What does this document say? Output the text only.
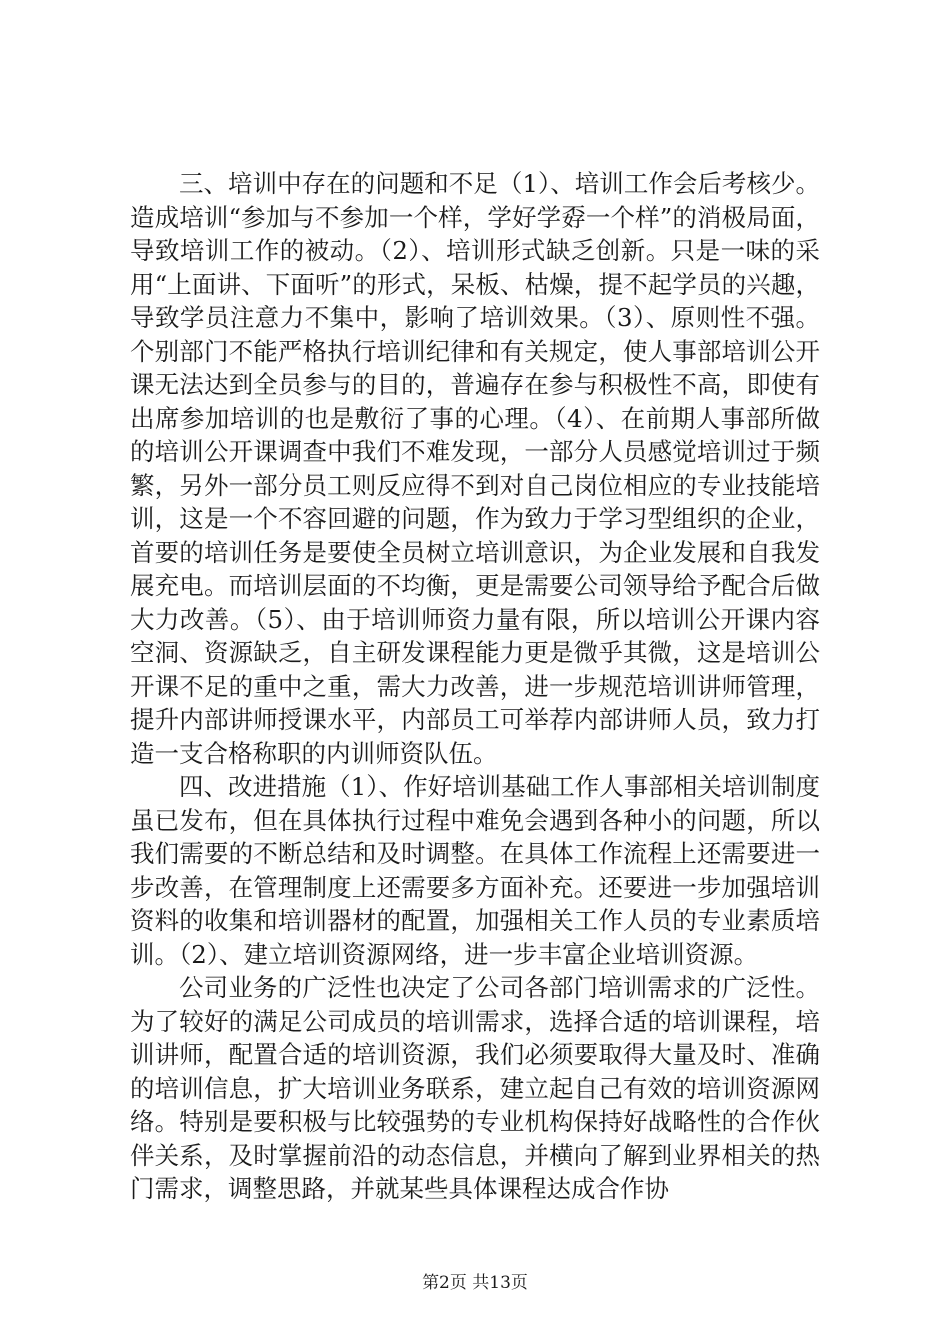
三、培训中存在的问题和不足（1）、培训工作会后考核少。造成培训“参加与不参加一个样，学好学孬一个样”的消极局面，导致培训工作的被动。（2）、培训形式缺乏创新。只是一味的采用“上面讲、下面听”的形式，呆板、枯燥，提不起学员的兴趣，导致学员注意力不集中，影响了培训效果。（3）、原则性不强。个别部门不能严格执行培训纪律和有关规定，使人事部培训公开课无法达到全员参与的目的，普遍存在参与积极性不高，即使有出席参加培训的也是敷衍了事的心理。（4）、在前期人事部所做的培训公开课调查中我们不难发现，一部分人员感觉培训过于频繁，另外一部分员工则反应得不到对自己岗位相应的专业技能培训，这是一个不容回避的问题，作为致力于学习型组织的企业，首要的培训任务是要使全员树立培训意识，为企业发展和自我发展充电。而培训层面的不均衡，更是需要公司领导给予配合后做大力改善。（5）、由于培训师资力量有限，所以培训公开课内容空洞、资源缺乏，自主研发课程能力更是微乎其微，这是培训公开课不足的重中之重，需大力改善，进一步规范培训讲师管理，提升内部讲师授课水平，内部员工可举荐内部讲师人员，致力打造一支合格称职的内训师资队伍。

四、改进措施（1）、作好培训基础工作人事部相关培训制度虽已发布，但在具体执行过程中难免会遇到各种小的问题，所以我们需要的不断总结和及时调整。在具体工作流程上还需要进一步改善，在管理制度上还需要多方面补充。还要进一步加强培训资料的收集和培训器材的配置，加强相关工作人员的专业素质培训。（2）、建立培训资源网络，进一步丰富企业培训资源。

公司业务的广泛性也决定了公司各部门培训需求的广泛性。为了较好的满足公司成员的培训需求，选择合适的培训课程，培训讲师，配置合适的培训资源，我们必须要取得大量及时、准确的培训信息，扩大培训业务联系，建立起自己有效的培训资源网络。特别是要积极与比较强势的专业机构保持好战略性的合作伙伴关系，及时掌握前沿的动态信息，并横向了解到业界相关的热门需求，调整思路，并就某些具体课程达成合作协

第2页 共13页
